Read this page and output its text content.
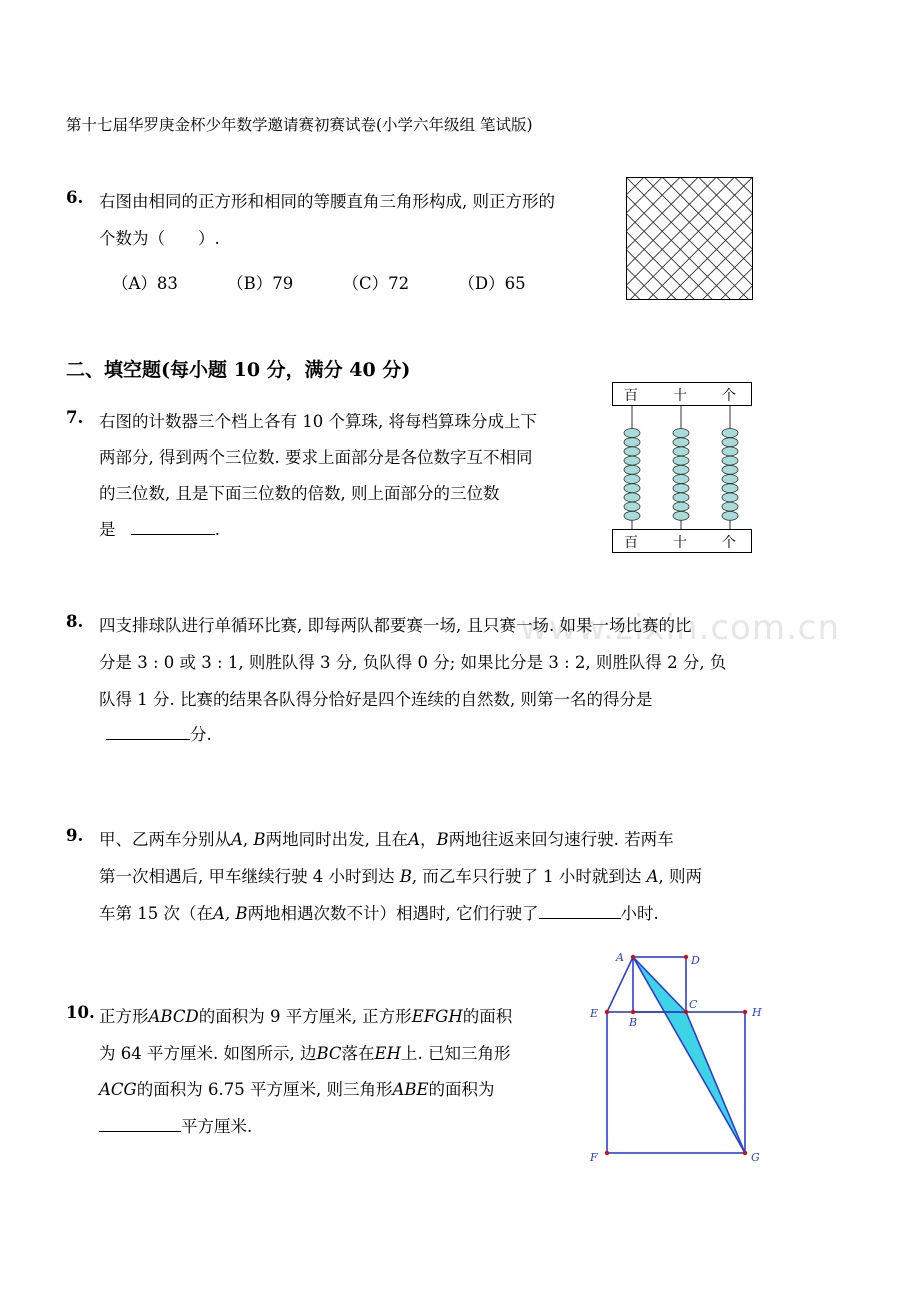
www.zixin.com.cn
第十七届华罗庚金杯少年数学邀请赛初赛试卷(小学六年级组 笔试版)
6. 右图由相同的正方形和相同的等腰直角三角形构成, 则正方形的
个数为（　　）.
（A）83	（B）79	（C）72	（D）65
二、填空题(每小题 10 分，满分 40 分)
7. 右图的计数器三个档上各有 10 个算珠, 将每档算珠分成上下
两部分, 得到两个三位数. 要求上面部分是各位数字互不相同
的三位数, 且是下面三位数的倍数, 则上面部分的三位数
是	.
百	十	个
百	十	个
8. 四支排球队进行单循环比赛, 即每两队都要赛一场, 且只赛一场. 如果一场比赛的比
分是 3 : 0 或 3 : 1, 则胜队得 3 分, 负队得 0 分; 如果比分是 3 : 2, 则胜队得 2 分, 负
队得 1 分. 比赛的结果各队得分恰好是四个连续的自然数, 则第一名的得分是
分.
9. 甲、乙两车分别从A, B两地同时出发, 且在A，B两地往返来回匀速行驶. 若两车
第一次相遇后, 甲车继续行驶 4 小时到达 B, 而乙车只行驶了 1 小时就到达 A, 则两
车第 15 次（在A, B两地相遇次数不计）相遇时, 它们行驶了	小时.
10. 正方形ABCD的面积为 9 平方厘米, 正方形EFGH的面积
为 64 平方厘米. 如图所示, 边BC落在EH上. 已知三角形
ACG的面积为 6.75 平方厘米, 则三角形ABE的面积为
平方厘米.
A	D
B
C
E	H
F	G
